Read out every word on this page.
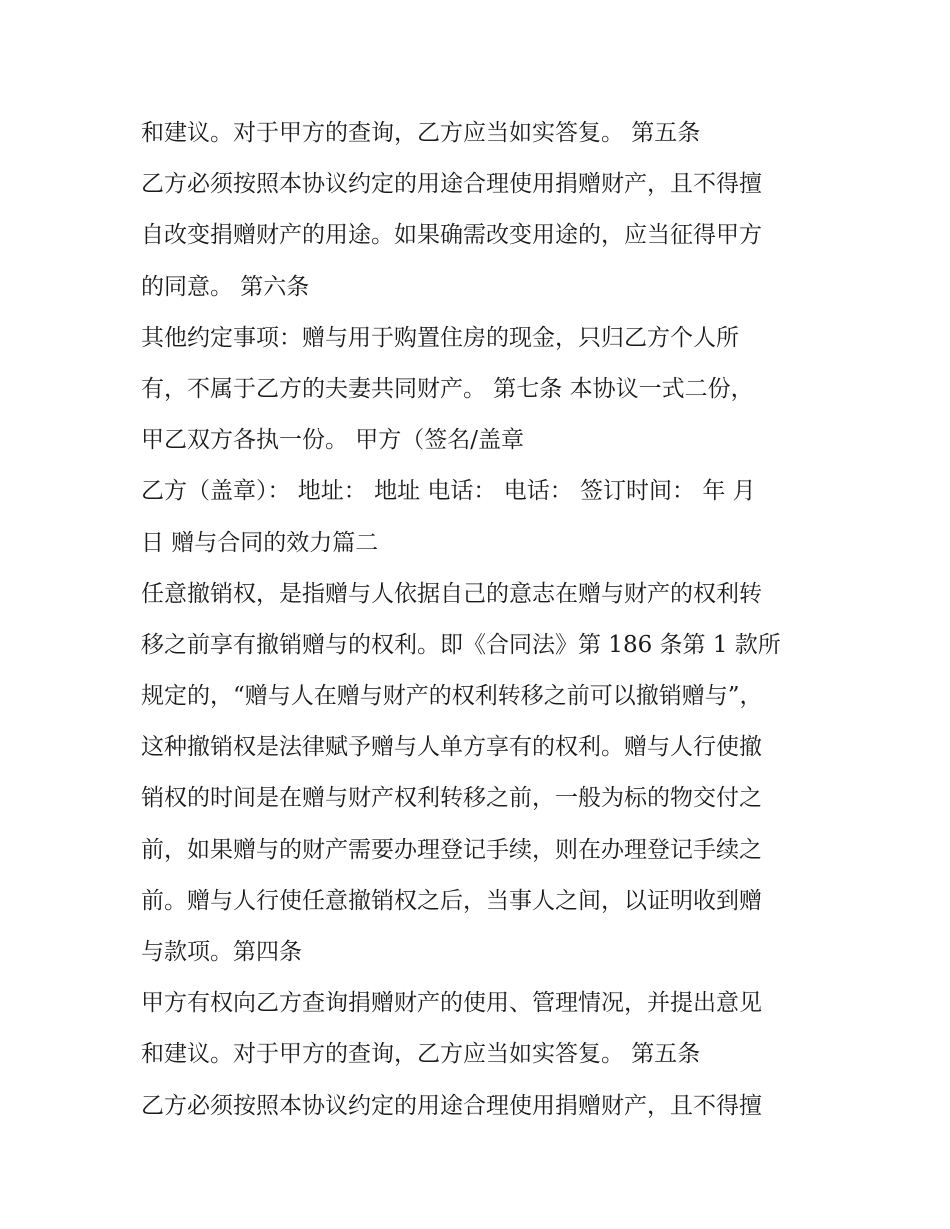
和建议。对于甲方的查询，乙方应当如实答复。 第五条
乙方必须按照本协议约定的用途合理使用捐赠财产，且不得擅
自改变捐赠财产的用途。如果确需改变用途的，应当征得甲方
的同意。 第六条
其他约定事项：赠与用于购置住房的现金，只归乙方个人所
有，不属于乙方的夫妻共同财产。 第七条 本协议一式二份，
甲乙双方各执一份。 甲方（签名/盖章
乙方（盖章）： 地址： 地址 电话： 电话： 签订时间： 年 月
日 赠与合同的效力篇二
任意撤销权，是指赠与人依据自己的意志在赠与财产的权利转
移之前享有撤销赠与的权利。即《合同法》第 186 条第 1 款所
规定的，“赠与人在赠与财产的权利转移之前可以撤销赠与”，
这种撤销权是法律赋予赠与人单方享有的权利。赠与人行使撤
销权的时间是在赠与财产权利转移之前，一般为标的物交付之
前，如果赠与的财产需要办理登记手续，则在办理登记手续之
前。赠与人行使任意撤销权之后，当事人之间，以证明收到赠
与款项。第四条
甲方有权向乙方查询捐赠财产的使用、管理情况，并提出意见
和建议。对于甲方的查询，乙方应当如实答复。 第五条
乙方必须按照本协议约定的用途合理使用捐赠财产，且不得擅
